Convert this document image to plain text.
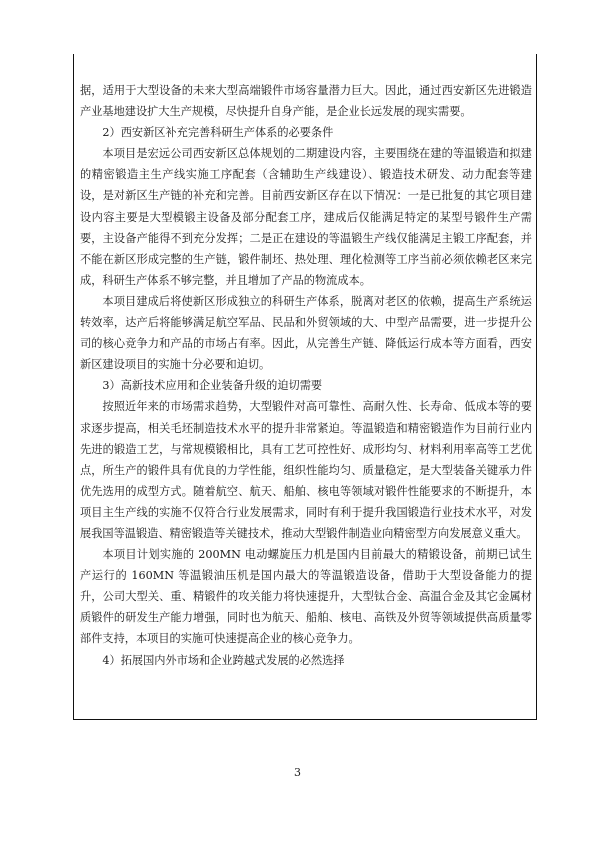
据，适用于大型设备的未来大型高端锻件市场容量潜力巨大。因此，通过西安新区先进锻造产业基地建设扩大生产规模，尽快提升自身产能，是企业长远发展的现实需要。

2）西安新区补充完善科研生产体系的必要条件

本项目是宏远公司西安新区总体规划的二期建设内容，主要围绕在建的等温锻造和拟建的精密锻造主生产线实施工序配套（含辅助生产线建设）、锻造技术研发、动力配套等建设，是对新区生产链的补充和完善。目前西安新区存在以下情况：一是已批复的其它项目建设内容主要是大型模锻主设备及部分配套工序，建成后仅能满足特定的某型号锻件生产需要，主设备产能得不到充分发挥；二是正在建设的等温锻生产线仅能满足主锻工序配套，并不能在新区形成完整的生产链，锻件制坯、热处理、理化检测等工序当前必须依赖老区来完成，科研生产体系不够完整，并且增加了产品的物流成本。

本项目建成后将使新区形成独立的科研生产体系，脱离对老区的依赖，提高生产系统运转效率，达产后将能够满足航空军品、民品和外贸领域的大、中型产品需要，进一步提升公司的核心竞争力和产品的市场占有率。因此，从完善生产链、降低运行成本等方面看，西安新区建设项目的实施十分必要和迫切。

3）高新技术应用和企业装备升级的迫切需要

按照近年来的市场需求趋势，大型锻件对高可靠性、高耐久性、长寿命、低成本等的要求逐步提高，相关毛坯制造技术水平的提升非常紧迫。等温锻造和精密锻造作为目前行业内先进的锻造工艺，与常规模锻相比，具有工艺可控性好、成形均匀、材料利用率高等工艺优点，所生产的锻件具有优良的力学性能，组织性能均匀、质量稳定，是大型装备关键承力件优先选用的成型方式。随着航空、航天、船舶、核电等领域对锻件性能要求的不断提升，本项目主生产线的实施不仅符合行业发展需求，同时有利于提升我国锻造行业技术水平，对发展我国等温锻造、精密锻造等关键技术，推动大型锻件制造业向精密型方向发展意义重大。

本项目计划实施的 200MN 电动螺旋压力机是国内目前最大的精锻设备，前期已试生产运行的 160MN 等温锻油压机是国内最大的等温锻造设备，借助于大型设备能力的提升，公司大型关、重、精锻件的攻关能力将快速提升，大型钛合金、高温合金及其它金属材质锻件的研发生产能力增强，同时也为航天、船舶、核电、高铁及外贸等领域提供高质量零部件支持，本项目的实施可快速提高企业的核心竞争力。

4）拓展国内外市场和企业跨越式发展的必然选择

3
